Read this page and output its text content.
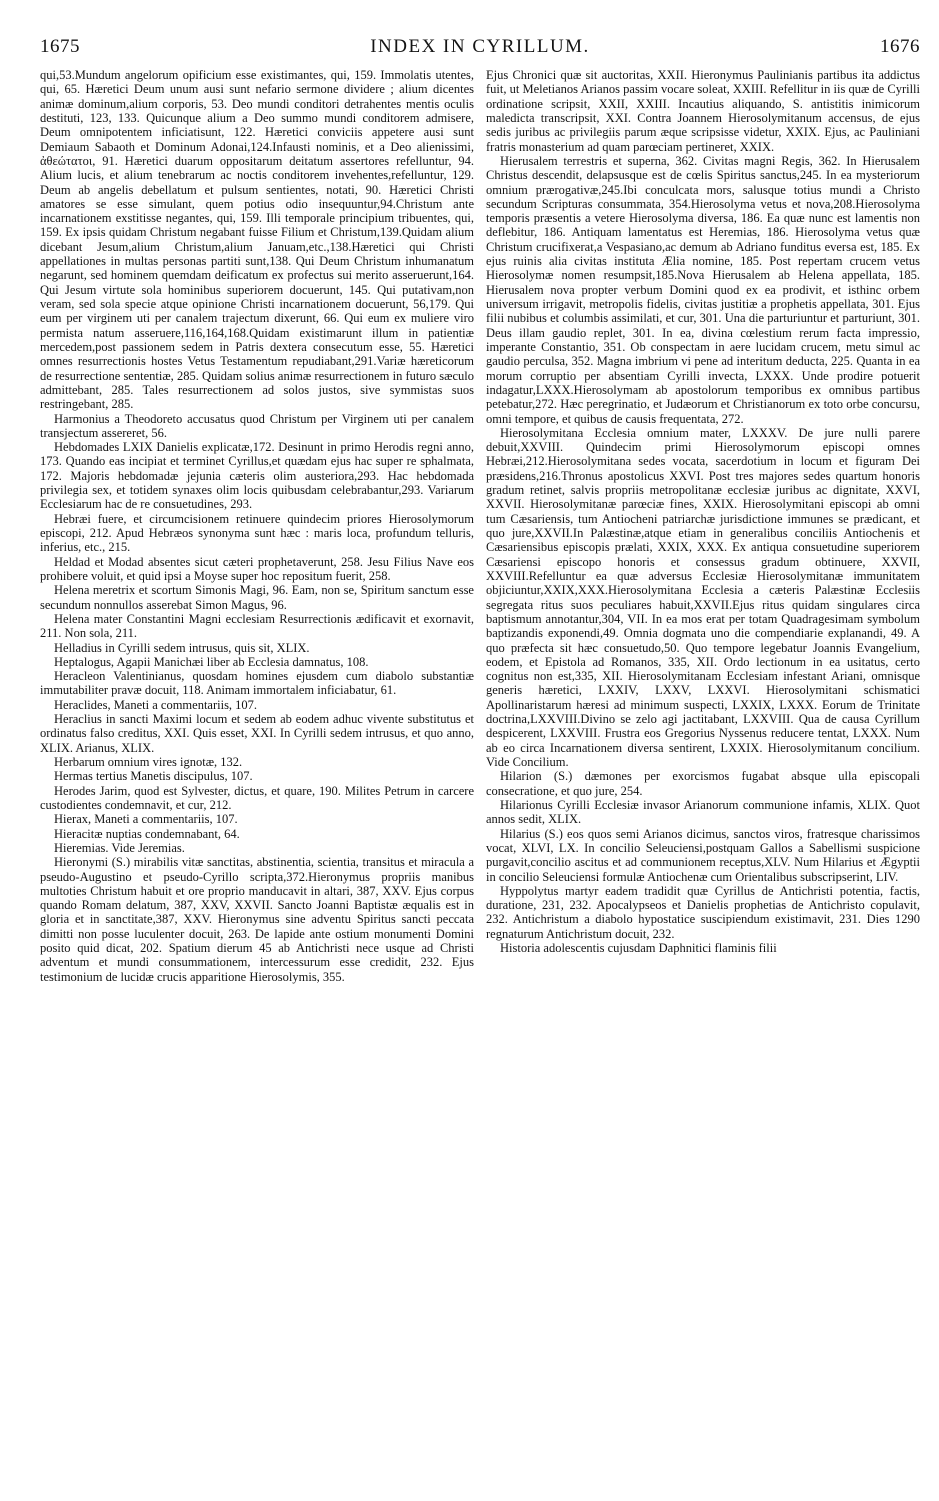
1675	INDEX IN CYRILLUM.	1676

qui,53.Mundum angelorum opificium esse existimantes, qui, 159. Immolatis utentes, qui, 65. Hæretici Deum unum ausi sunt nefario sermone dividere ; alium dicentes animæ dominum,alium corporis, 53. Deo mundi conditori detrahentes mentis oculis destituti, 123, 133. Quicunque alium a Deo summo mundi conditorem admisere, Deum omnipotentem inficiatisunt, 122. Hæretici conviciis appetere ausi sunt Demiaum Sabaoth et Dominum Adonai,124.Infausti nominis, et a Deo alienissimi, ἀθεώτατοι, 91. Hæretici duarum oppositarum deitatum assertores refelluntur, 94. Alium lucis, et alium tenebrarum ac noctis conditorem invehentes,refelluntur, 129. Deum ab angelis debellatum et pulsum sentientes, notati, 90. Hæretici Christi amatores se esse simulant, quem potius odio insequuntur,94.Christum ante incarnationem exstitisse negantes, qui, 159. Illi temporale principium tribuentes, qui, 159. Ex ipsis quidam Christum negabant fuisse Filium et Christum,139.Quidam alium dicebant Jesum,alium Christum,alium Januam,etc.,138.Hæretici qui Christi appellationes in multas personas partiti sunt,138. Qui Deum Christum inhumanatum negarunt, sed hominem quemdam deificatum ex profectus sui merito asseruerunt,164. Qui Jesum virtute sola hominibus superiorem docuerunt, 145. Qui putativam,non veram, sed sola specie atque opinione Christi incarnationem docuerunt, 56,179. Qui eum per virginem uti per canalem trajectum dixerunt, 66. Qui eum ex muliere viro permista natum asseruere,116,164,168.Quidam existimarunt illum in patientiæ mercedem,post passionem sedem in Patris dextera consecutum esse, 55. Hæretici omnes resurrectionis hostes Vetus Testamentum repudiabant,291.Variæ hæreticorum de resurrectione sententiæ, 285. Quidam solius animæ resurrectionem in futuro sæculo admittebant, 285. Tales resurrectionem ad solos justos, sive symmistas suos restringebant, 285.

Harmonius a Theodoreto accusatus quod Christum per Virginem uti per canalem transjectum assereret, 56.

Hebdomades LXIX Danielis explicatæ,172. Desinunt in primo Herodis regni anno, 173. Quando eas incipiat et terminet Cyrillus,et quædam ejus hac super re sphalmata, 172. Majoris hebdomadæ jejunia cæteris olim austeriora,293. Hac hebdomada privilegia sex, et totidem synaxes olim locis quibusdam celebrabantur,293. Variarum Ecclesiarum hac de re consuetudines, 293.

Hebræi fuere, et circumcisionem retinuere quindecim priores Hierosolymorum episcopi, 212. Apud Hebræos synonyma sunt hæc : maris loca, profundum telluris, inferius, etc., 215.

Heldad et Modad absentes sicut cæteri prophetaverunt, 258. Jesu Filius Nave eos prohibere voluit, et quid ipsi a Moyse super hoc repositum fuerit, 258.

Helena meretrix et scortum Simonis Magi, 96. Eam, non se, Spiritum sanctum esse secundum nonnullos asserebat Simon Magus, 96.

Helena mater Constantini Magni ecclesiam Resurrectionis ædificavit et exornavit, 211. Non sola, 211.

Helladius in Cyrilli sedem intrusus, quis sit, XLIX.

Heptalogus, Agapii Manichæi liber ab Ecclesia damnatus, 108.

Heracleon Valentinianus, quosdam homines ejusdem cum diabolo substantiæ immutabiliter pravæ docuit, 118. Animam immortalem inficiabatur, 61.

Heraclides, Maneti a commentariis, 107.

Heraclius in sancti Maximi locum et sedem ab eodem adhuc vivente substitutus et ordinatus falso creditus, XXI. Quis esset, XXI. In Cyrilli sedem intrusus, et quo anno, XLIX. Arianus, XLIX.

Herbarum omnium vires ignotæ, 132.

Hermas tertius Manetis discipulus, 107.

Herodes Jarim, quod est Sylvester, dictus, et quare, 190. Milites Petrum in carcere custodientes condemnavit, et cur, 212.

Hierax, Maneti a commentariis, 107.

Hieracitæ nuptias condemnabant, 64.

Hieremias. Vide Jeremias.

Hieronymi (S.) mirabilis vitæ sanctitas, abstinentia, scientia, transitus et miracula a pseudo-Augustino et pseudo-Cyrillo scripta,372.Hieronymus propriis manibus multoties Christum habuit et ore proprio manducavit in altari, 387, XXV. Ejus corpus quando Romam delatum, 387, XXV, XXVII. Sancto Joanni Baptistæ æqualis est in gloria et in sanctitate,387, XXV. Hieronymus sine adventu Spiritus sancti peccata dimitti non posse luculenter docuit, 263. De lapide ante ostium monumenti Domini posito quid dicat, 202. Spatium dierum 45 ab Antichristi nece usque ad Christi adventum et mundi consummationem, intercessurum esse credidit, 232. Ejus testimonium de lucidæ crucis apparitione Hierosolymis, 355.

Ejus Chronici quæ sit auctoritas, XXII. Hieronymus Paulinianis partibus ita addictus fuit, ut Meletianos Arianos passim vocare soleat, XXIII. Refellitur in iis quæ de Cyrilli ordinatione scripsit, XXII, XXIII. Incautius aliquando, S. antistitis inimicorum maledicta transcripsit, XXI. Contra Joannem Hierosolymitanum accensus, de ejus sedis juribus ac privilegiis parum æque scripsisse videtur, XXIX. Ejus, ac Pauliniani fratris monasterium ad quam parœciam pertineret, XXIX.

Hierusalem terrestris et superna, 362. Civitas magni Regis, 362. In Hierusalem Christus descendit, delapsusque est de cœlis Spiritus sanctus,245. In ea mysteriorum omnium prærogativæ,245.Ibi conculcata mors, salusque totius mundi a Christo secundum Scripturas consummata, 354.Hierosolyma vetus et nova,208.Hierosolyma temporis præsentis a vetere Hierosolyma diversa, 186. Ea quæ nunc est lamentis non deflebitur, 186. Antiquam lamentatus est Heremias, 186. Hierosolyma vetus quæ Christum crucifixerat,a Vespasiano,ac demum ab Adriano funditus eversa est, 185. Ex ejus ruinis alia civitas instituta Ælia nomine, 185. Post repertam crucem vetus Hierosolymæ nomen resumpsit,185.Nova Hierusalem ab Helena appellata, 185. Hierusalem nova propter verbum Domini quod ex ea prodivit, et isthinc orbem universum irrigavit, metropolis fidelis, civitas justitiæ a prophetis appellata, 301. Ejus filii nubibus et columbis assimilati, et cur, 301. Una die parturiuntur et parturiunt, 301. Deus illam gaudio replet, 301. In ea, divina cœlestium rerum facta impressio, imperante Constantio, 351. Ob conspectam in aere lucidam crucem, metu simul ac gaudio perculsa, 352. Magna imbrium vi pene ad interitum deducta, 225. Quanta in ea morum corruptio per absentiam Cyrilli invecta, LXXX. Unde prodire potuerit indagatur,LXXX.Hierosolymam ab apostolorum temporibus ex omnibus partibus petebatur,272. Hæc peregrinatio, et Judæorum et Christianorum ex toto orbe concursu, omni tempore, et quibus de causis frequentata, 272.

Hierosolymitana Ecclesia omnium mater, LXXXV. De jure nulli parere debuit,XXVIII. Quindecim primi Hierosolymorum episcopi omnes Hebræi,212.Hierosolymitana sedes vocata, sacerdotium in locum et figuram Dei præsidens,216.Thronus apostolicus XXVI. Post tres majores sedes quartum honoris gradum retinet, salvis propriis metropolitanæ ecclesiæ juribus ac dignitate, XXVI, XXVII. Hierosolymitanæ parœciæ fines, XXIX. Hierosolymitani episcopi ab omni tum Cæsariensis, tum Antiocheni patriarchæ jurisdictione immunes se prædicant, et quo jure,XXVII.In Palæstinæ,atque etiam in generalibus conciliis Antiochenis et Cæsariensibus episcopis prælati, XXIX, XXX. Ex antiqua consuetudine superiorem Cæsariensi episcopo honoris et consessus gradum obtinuere, XXVII, XXVIII.Refelluntur ea quæ adversus Ecclesiæ Hierosolymitanæ immunitatem objiciuntur,XXIX,XXX.Hierosolymitana Ecclesia a cæteris Palæstinæ Ecclesiis segregata ritus suos peculiares habuit,XXVII.Ejus ritus quidam singulares circa baptismum annotantur,304, VII. In ea mos erat per totam Quadragesimam symbolum baptizandis exponendi,49. Omnia dogmata uno die compendiarie explanandi, 49. A quo præfecta sit hæc consuetudo,50. Quo tempore legebatur Joannis Evangelium, eodem, et Epistola ad Romanos, 335, XII. Ordo lectionum in ea usitatus, certo cognitus non est,335, XII. Hierosolymitanam Ecclesiam infestant Ariani, omnisque generis hæretici, LXXIV, LXXV, LXXVI. Hierosolymitani schismatici Apollinaristarum hæresi ad minimum suspecti, LXXIX, LXXX. Eorum de Trinitate doctrina,LXXVIII.Divino se zelo agi jactitabant, LXXVIII. Qua de causa Cyrillum despicerent, LXXVIII. Frustra eos Gregorius Nyssenus reducere tentat, LXXX. Num ab eo circa Incarnationem diversa sentirent, LXXIX. Hierosolymitanum concilium. Vide Concilium.

Hilarion (S.) dæmones per exorcismos fugabat absque ulla episcopali consecratione, et quo jure, 254.

Hilarionus Cyrilli Ecclesiæ invasor Arianorum communione infamis, XLIX. Quot annos sedit, XLIX.

Hilarius (S.) eos quos semi Arianos dicimus, sanctos viros, fratresque charissimos vocat, XLVI, LX. In concilio Seleuciensi,postquam Gallos a Sabellismi suspicione purgavit,concilio ascitus et ad communionem receptus,XLV. Num Hilarius et Ægyptii in concilio Seleuciensi formulæ Antiochenæ cum Orientalibus subscripserint, LIV.

Hyppolytus martyr eadem tradidit quæ Cyrillus de Antichristi potentia, factis, duratione, 231, 232. Apocalypseos et Danielis prophetias de Antichristo copulavit, 232. Antichristum a diabolo hypostatice suscipiendum existimavit, 231. Dies 1290 regnaturum Antichristum docuit, 232.

Historia adolescentis cujusdam Daphnitici flaminis filii
